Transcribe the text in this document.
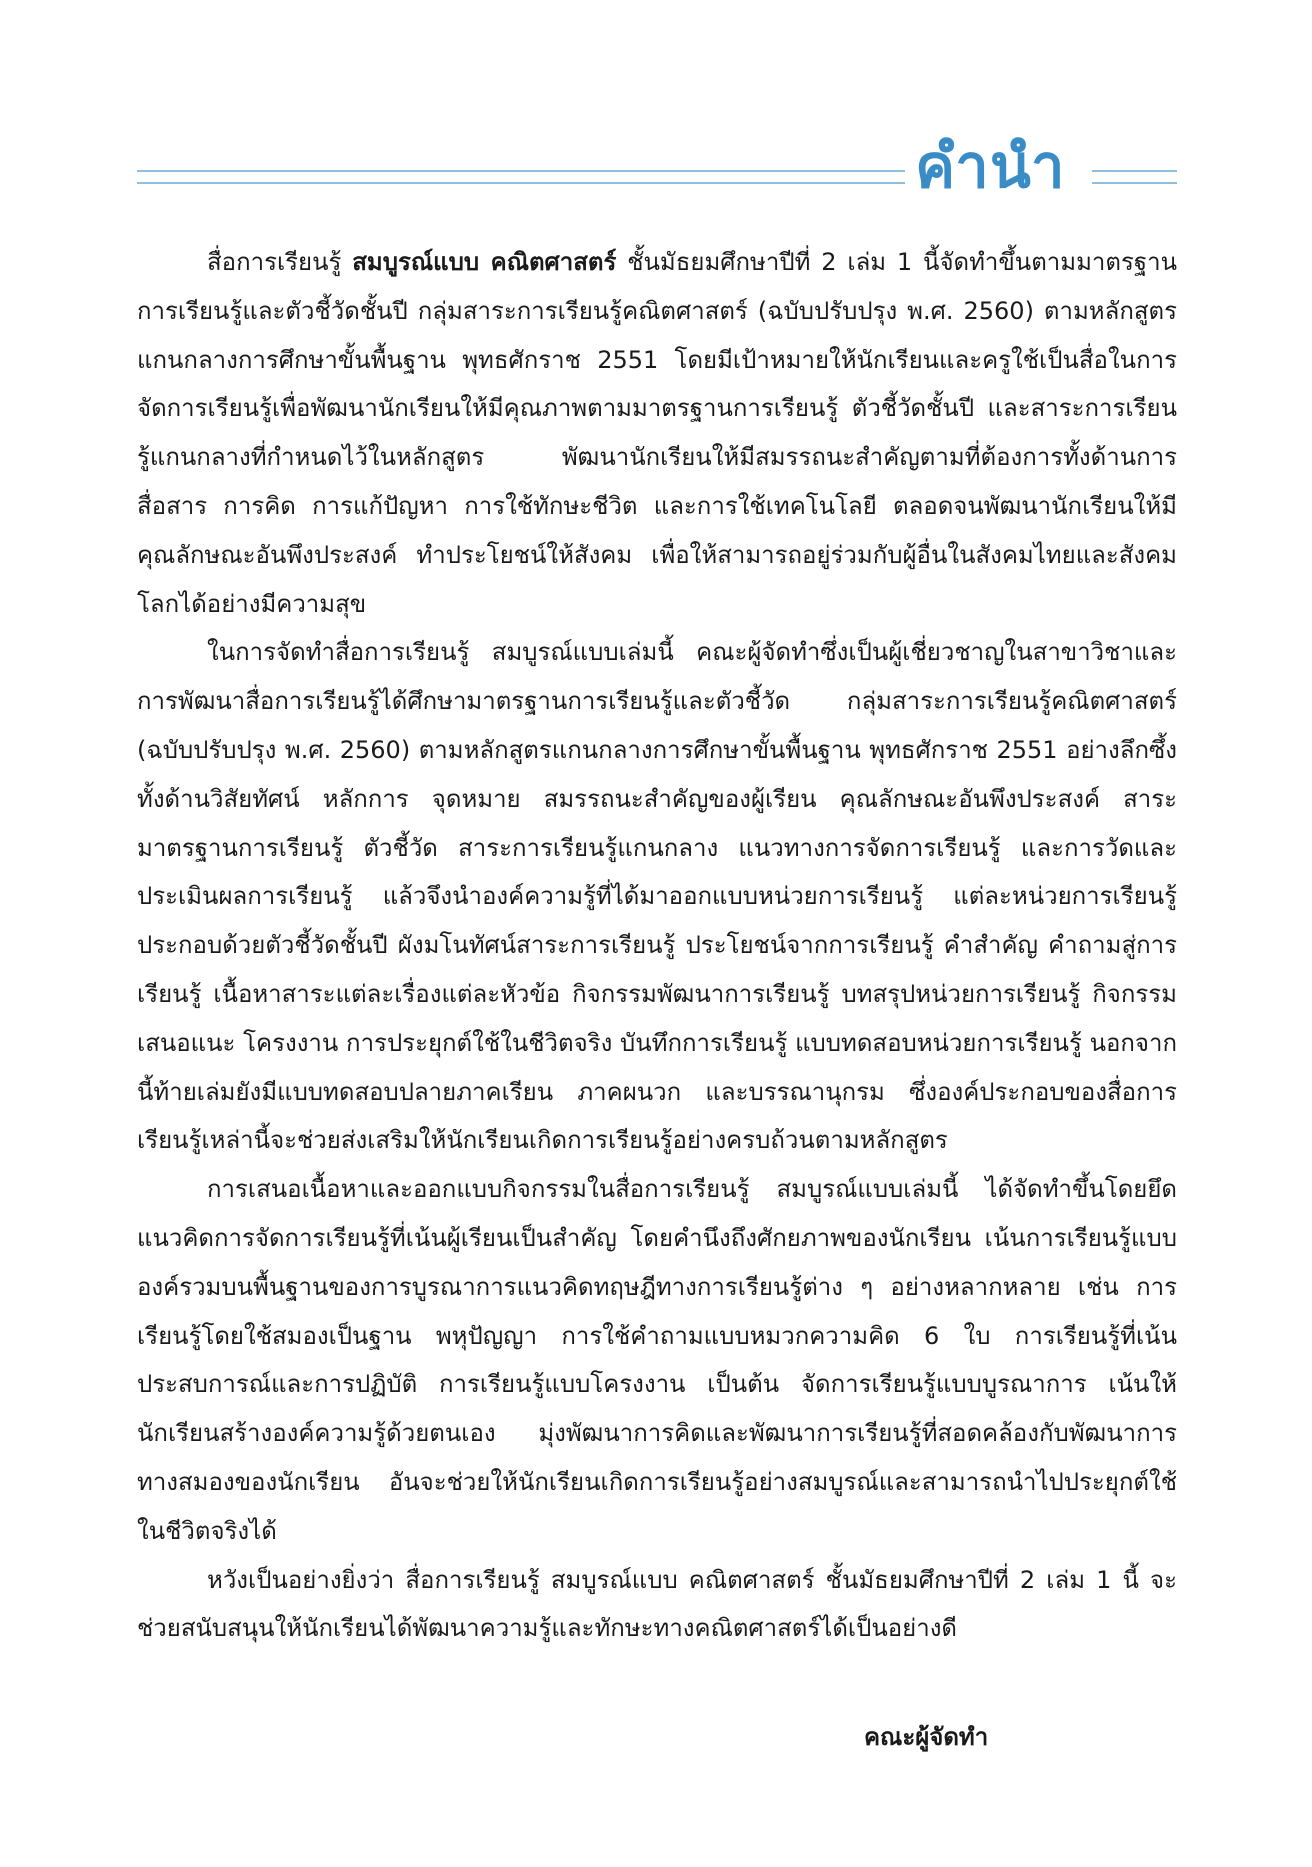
คำนำ

สื่อการเรียนรู้ สมบูรณ์แบบ คณิตศาสตร์ ชั้นมัธยมศึกษาปีที่ 2 เล่ม 1 นี้จัดทำขึ้นตามมาตรฐานการเรียนรู้และตัวชี้วัดชั้นปี กลุ่มสาระการเรียนรู้คณิตศาสตร์ (ฉบับปรับปรุง พ.ศ. 2560) ตามหลักสูตรแกนกลางการศึกษาขั้นพื้นฐาน พุทธศักราช 2551 โดยมีเป้าหมายให้นักเรียนและครูใช้เป็นสื่อในการจัดการเรียนรู้เพื่อพัฒนานักเรียนให้มีคุณภาพตามมาตรฐานการเรียนรู้ ตัวชี้วัดชั้นปี และสาระการเรียนรู้แกนกลางที่กำหนดไว้ในหลักสูตร พัฒนานักเรียนให้มีสมรรถนะสำคัญตามที่ต้องการทั้งด้านการสื่อสาร การคิด การแก้ปัญหา การใช้ทักษะชีวิต และการใช้เทคโนโลยี ตลอดจนพัฒนานักเรียนให้มีคุณลักษณะอันพึงประสงค์ ทำประโยชน์ให้สังคม เพื่อให้สามารถอยู่ร่วมกับผู้อื่นในสังคมไทยและสังคมโลกได้อย่างมีความสุข

ในการจัดทำสื่อการเรียนรู้ สมบูรณ์แบบเล่มนี้ คณะผู้จัดทำซึ่งเป็นผู้เชี่ยวชาญในสาขาวิชาและการพัฒนาสื่อการเรียนรู้ได้ศึกษามาตรฐานการเรียนรู้และตัวชี้วัด กลุ่มสาระการเรียนรู้คณิตศาสตร์ (ฉบับปรับปรุง พ.ศ. 2560) ตามหลักสูตรแกนกลางการศึกษาขั้นพื้นฐาน พุทธศักราช 2551 อย่างลึกซึ้ง ทั้งด้านวิสัยทัศน์ หลักการ จุดหมาย สมรรถนะสำคัญของผู้เรียน คุณลักษณะอันพึงประสงค์ สาระ มาตรฐานการเรียนรู้ ตัวชี้วัด สาระการเรียนรู้แกนกลาง แนวทางการจัดการเรียนรู้ และการวัดและประเมินผลการเรียนรู้ แล้วจึงนำองค์ความรู้ที่ได้มาออกแบบหน่วยการเรียนรู้ แต่ละหน่วยการเรียนรู้ประกอบด้วยตัวชี้วัดชั้นปี ผังมโนทัศน์สาระการเรียนรู้ ประโยชน์จากการเรียนรู้ คำสำคัญ คำถามสู่การเรียนรู้ เนื้อหาสาระแต่ละเรื่องแต่ละหัวข้อ กิจกรรมพัฒนาการเรียนรู้ บทสรุปหน่วยการเรียนรู้ กิจกรรมเสนอแนะ โครงงาน การประยุกต์ใช้ในชีวิตจริง บันทึกการเรียนรู้ แบบทดสอบหน่วยการเรียนรู้ นอกจากนี้ท้ายเล่มยังมีแบบทดสอบปลายภาคเรียน ภาคผนวก และบรรณานุกรม ซึ่งองค์ประกอบของสื่อการเรียนรู้เหล่านี้จะช่วยส่งเสริมให้นักเรียนเกิดการเรียนรู้อย่างครบถ้วนตามหลักสูตร

การเสนอเนื้อหาและออกแบบกิจกรรมในสื่อการเรียนรู้ สมบูรณ์แบบเล่มนี้ ได้จัดทำขึ้นโดยยึดแนวคิดการจัดการเรียนรู้ที่เน้นผู้เรียนเป็นสำคัญ โดยคำนึงถึงศักยภาพของนักเรียน เน้นการเรียนรู้แบบองค์รวมบนพื้นฐานของการบูรณาการแนวคิดทฤษฎีทางการเรียนรู้ต่าง ๆ อย่างหลากหลาย เช่น การเรียนรู้โดยใช้สมองเป็นฐาน พหุปัญญา การใช้คำถามแบบหมวกความคิด 6 ใบ การเรียนรู้ที่เน้นประสบการณ์และการปฏิบัติ การเรียนรู้แบบโครงงาน เป็นต้น จัดการเรียนรู้แบบบูรณาการ เน้นให้นักเรียนสร้างองค์ความรู้ด้วยตนเอง มุ่งพัฒนาการคิดและพัฒนาการเรียนรู้ที่สอดคล้องกับพัฒนาการทางสมองของนักเรียน อันจะช่วยให้นักเรียนเกิดการเรียนรู้อย่างสมบูรณ์และสามารถนำไปประยุกต์ใช้ในชีวิตจริงได้

หวังเป็นอย่างยิ่งว่า สื่อการเรียนรู้ สมบูรณ์แบบ คณิตศาสตร์ ชั้นมัธยมศึกษาปีที่ 2 เล่ม 1 นี้ จะช่วยสนับสนุนให้นักเรียนได้พัฒนาความรู้และทักษะทางคณิตศาสตร์ได้เป็นอย่างดี

คณะผู้จัดทำ
